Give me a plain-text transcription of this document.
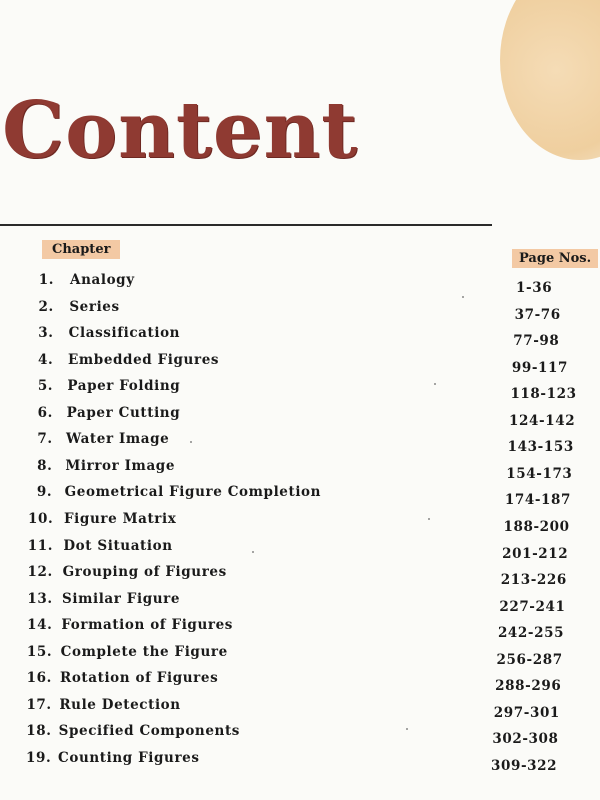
Content
Chapter
Page Nos.
1. Analogy	1-36
2. Series	37-76
3. Classification	77-98
4. Embedded Figures	99-117
5. Paper Folding	118-123
6. Paper Cutting	124-142
7. Water Image	143-153
8. Mirror Image	154-173
9. Geometrical Figure Completion	174-187
10. Figure Matrix	188-200
11. Dot Situation	201-212
12. Grouping of Figures	213-226
13. Similar Figure	227-241
14. Formation of Figures	242-255
15. Complete the Figure	256-287
16. Rotation of Figures	288-296
17. Rule Detection	297-301
18. Specified Components	302-308
19. Counting Figures	309-322
